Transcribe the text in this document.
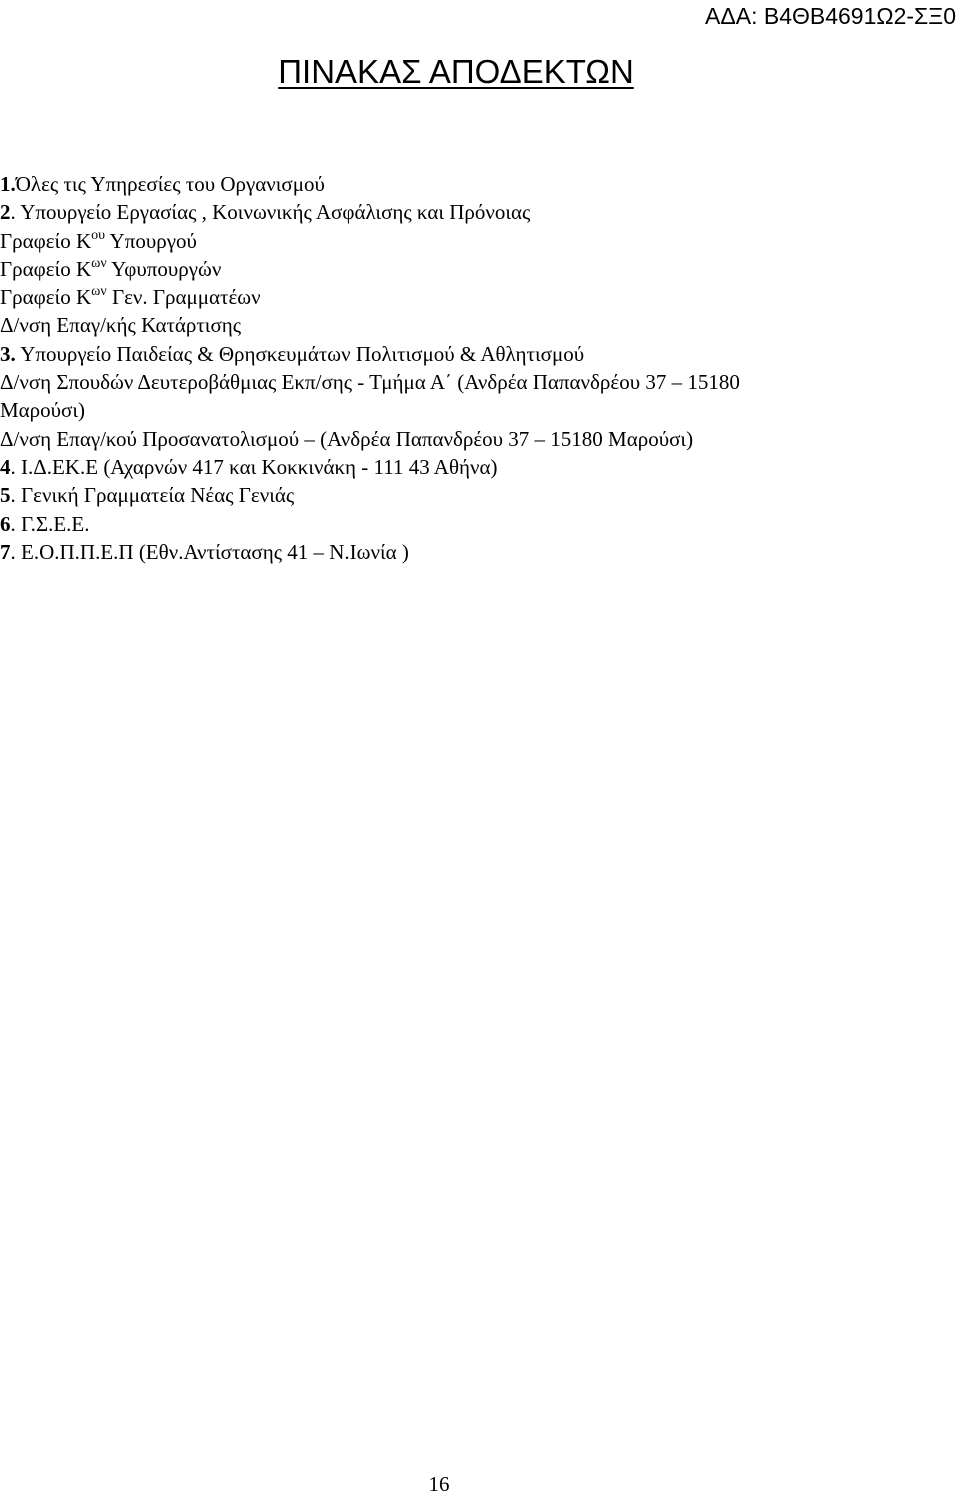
ΑΔΑ: Β4ΘΒ4691Ω2-ΣΞ0
ΠΙΝΑΚΑΣ ΑΠΟΔΕΚΤΩΝ
1.Όλες τις Υπηρεσίες του Οργανισμού
2. Υπουργείο Εργασίας , Κοινωνικής Ασφάλισης και Πρόνοιας
Γραφείο $K^{o\upsilon}$ Υπουργού
Γραφείο $K^{\omega\nu}$ Υφυπουργών
Γραφείο $K^{\omega\nu}$ Γεν. Γραμματέων
Δ/νση Επαγ/κής Κατάρτισης
3. Υπουργείο Παιδείας & Θρησκευμάτων Πολιτισμού & Αθλητισμού
Δ/νση Σπουδών Δευτεροβάθμιας Εκπ/σης - Τμήμα Α΄ (Ανδρέα Παπανδρέου 37 – 15180
Μαρούσι)
Δ/νση Επαγ/κού Προσανατολισμού – (Ανδρέα Παπανδρέου 37 – 15180 Μαρούσι)
4. Ι.Δ.ΕΚ.Ε (Αχαρνών 417 και Κοκκινάκη - 111 43 Αθήνα)
5. Γενική Γραμματεία Νέας Γενιάς
6. Γ.Σ.Ε.Ε.
7. Ε.Ο.Π.Π.Ε.Π (Εθν.Αντίστασης 41 – Ν.Ιωνία )
16
